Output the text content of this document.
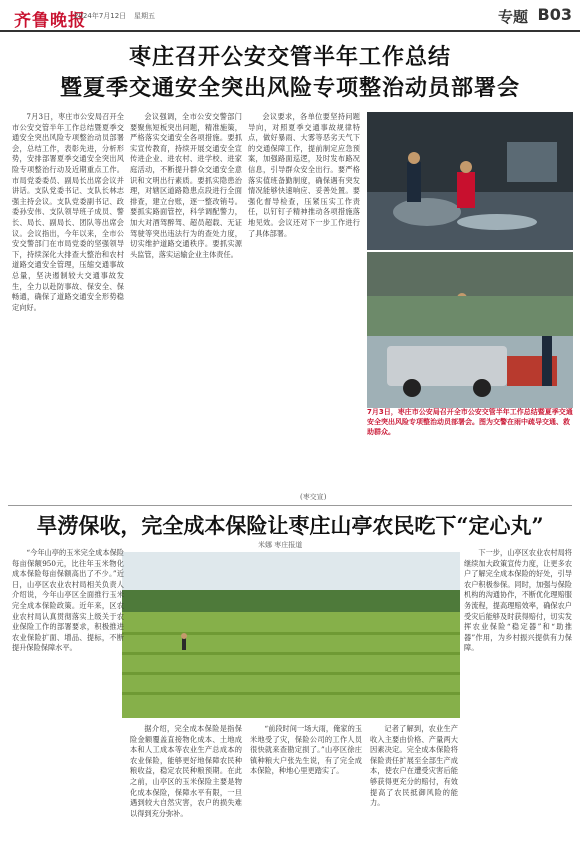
齐鲁晚报
2024年7月12日 星期五	专题 B03
枣庄召开公安交管半年工作总结
暨夏季交通安全突出风险专项整治动员部署会

7月3日，枣庄市公安局召开全市公安交管半年工作总结暨夏季交通安全突出风险专项整治动员部署会，总结工作，表彰先进，分析形势，安排部署夏季交通安全突出风险专项整治行动及近期重点工作。市局党委委员、副局长出席会议并讲话。支队党委书记、支队长林志强主持会议。支队党委副书记、政委孙安伟、支队领导班子成员、警长、局长、副局长、团队等出席会议。会议指出，今年以来，全市公安交警部门在市局党委的坚强领导下，持续深化大排查大整治和农村道路交通安全管理，压缩交通事故总量，坚决遏制较大交通事故发生，全力以赴防事故、保安全、保畅通，确保了道路交通安全形势稳定向好。

会议强调，全市公安交警部门要聚焦短板突出问题，精准施策，严格落实交通安全各项措施。要抓实宣传教育，持续开展交通安全宣传进企业、进农村、进学校、进家庭活动，不断提升群众交通安全意识和文明出行素质。要抓实隐患治理，对辖区道路隐患点段进行全面排查，建立台账，逐一整改销号。要抓实路面管控，科学调配警力，加大对酒驾醉驾、超员超载、无证驾驶等突出违法行为的查处力度，切实维护道路交通秩序。要抓实源头监管，落实运输企业主体责任。

会议要求，各单位要坚持问题导向，对照夏季交通事故规律特点，做好暴雨、大雾等恶劣天气下的交通保障工作，提前制定应急预案，加强路面巡逻，及时发布路况信息，引导群众安全出行。要严格落实值班备勤制度，确保遇有突发情况能够快速响应、妥善处置。要强化督导检查，压紧压实工作责任，以钉钉子精神推动各项措施落地见效。会议还对下一步工作进行了具体部署。

7月3日，枣庄市公安局召开全市公安交管半年工作总结暨夏季交通安全突出风险专项整治动员部署会。图为交警在雨中疏导交通、救助群众。
(枣交宣)
旱涝保收，完全成本保险让枣庄山亭农民吃下“定心丸”
米娜 枣庄报道

“今年山亭的玉米完全成本保险每亩保额950元，比往年玉米物化成本保险每亩保额高出了不少。”近日，山亭区农业农村局相关负责人介绍说，今年山亭区全面推行玉米完全成本保险政策。近年来，区农业农村局认真贯彻落实上级关于农业保险工作的部署要求，积极推进农业保险扩面、增品、提标，不断提升保险保障水平。

据介绍，完全成本保险是指保险金额覆盖直接物化成本、土地成本和人工成本等农业生产总成本的农业保险，能够更好地保障农民种粮收益，稳定农民种粮预期。在此之前，山亭区的玉米保险主要是物化成本保险，保障水平有限，一旦遇到较大自然灾害，农户的损失难以得到充分弥补。

“前段时间一场大雨，俺家的玉米地受了灾，保险公司的工作人员很快就来查勘定损了。”山亭区徐庄镇种粮大户张先生说，有了完全成本保险，种地心里更踏实了。

记者了解到，农业生产收入主要由价格、产量两大因素决定。完全成本保险将保险责任扩展至全部生产成本，使农户在遭受灾害后能够获得更充分的赔付，有效提高了农民抵御风险的能力。

下一步，山亭区农业农村局将继续加大政策宣传力度，让更多农户了解完全成本保险的好处，引导农户积极参保。同时，加强与保险机构的沟通协作，不断优化理赔服务流程，提高理赔效率，确保农户受灾后能够及时获得赔付，切实发挥农业保险“稳定器”和“助推器”作用，为乡村振兴提供有力保障。
